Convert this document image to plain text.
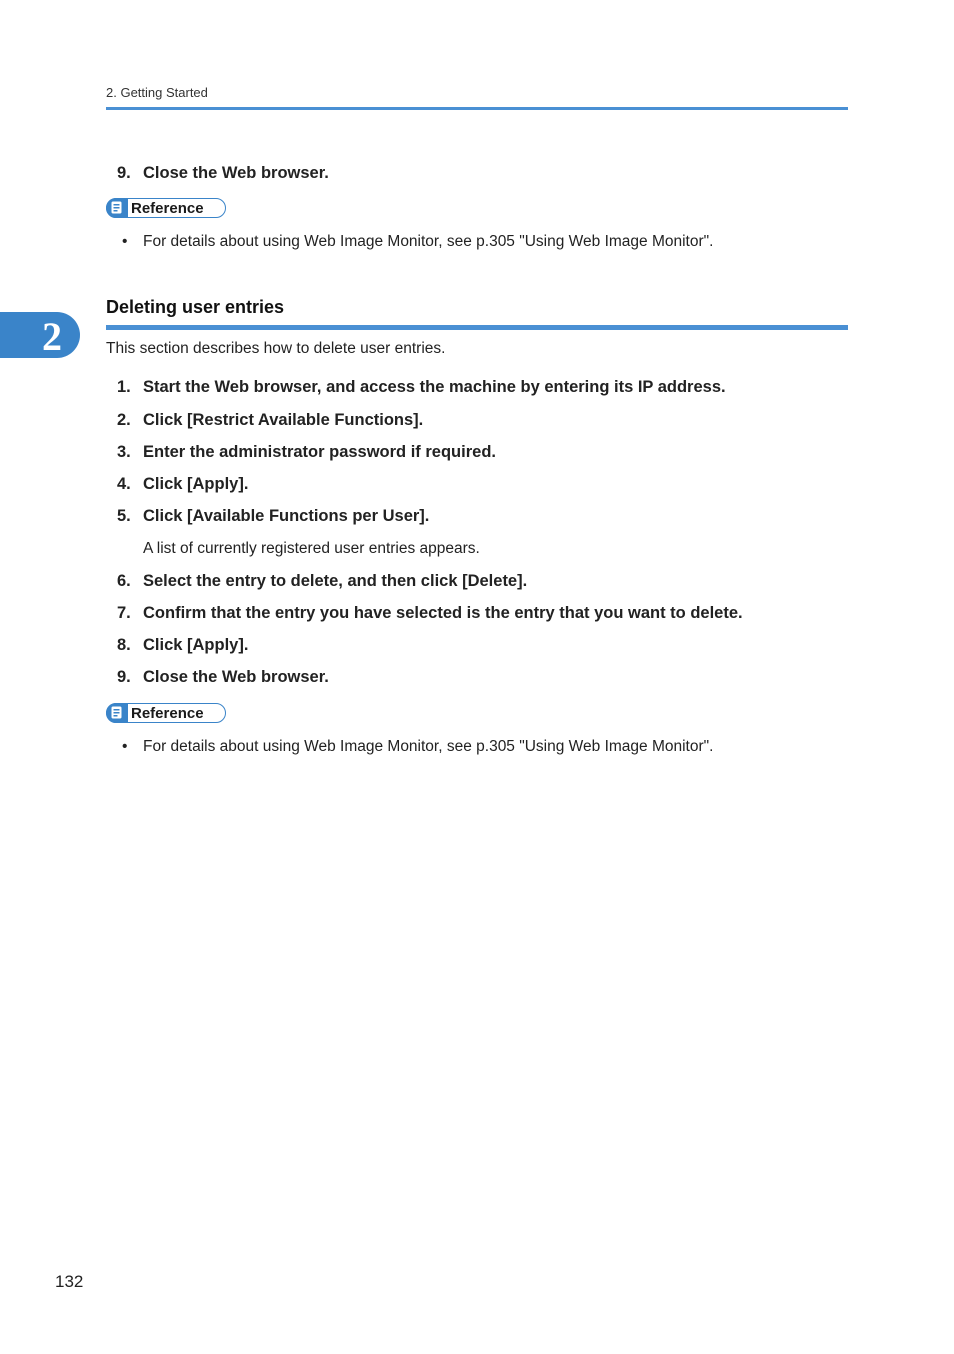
2. Getting Started
2
9. Close the Web browser.
Reference
• For details about using Web Image Monitor, see p.305 "Using Web Image Monitor".
Deleting user entries
This section describes how to delete user entries.
1. Start the Web browser, and access the machine by entering its IP address.
2. Click [Restrict Available Functions].
3. Enter the administrator password if required.
4. Click [Apply].
5. Click [Available Functions per User].
A list of currently registered user entries appears.
6. Select the entry to delete, and then click [Delete].
7. Confirm that the entry you have selected is the entry that you want to delete.
8. Click [Apply].
9. Close the Web browser.
Reference
• For details about using Web Image Monitor, see p.305 "Using Web Image Monitor".
132
